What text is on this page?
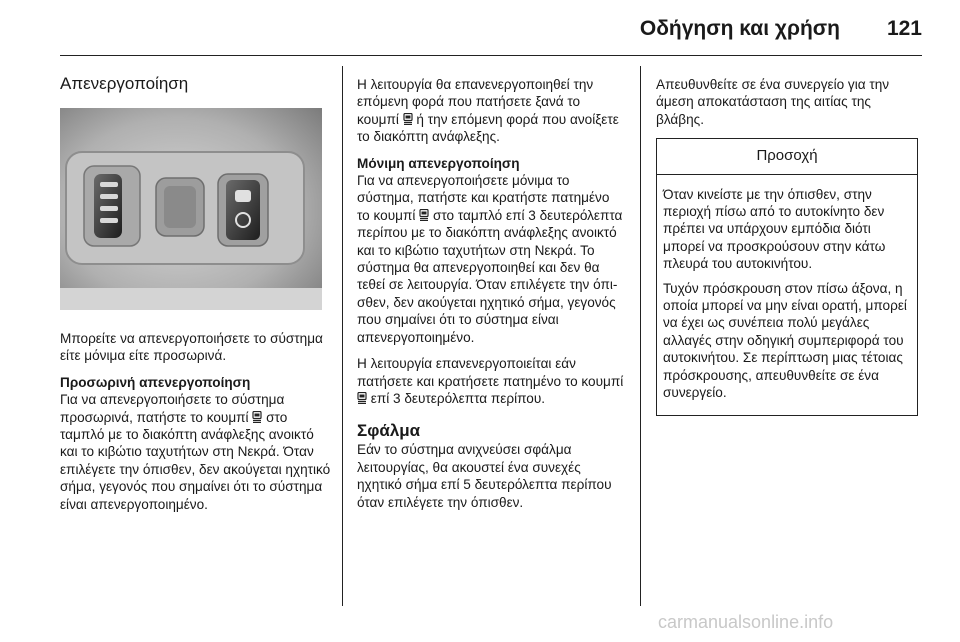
Οδήγηση και χρήση 121
Απενεργοποίηση

Μπορείτε να απενεργοποιήσετε το σύστημα είτε μόνιμα είτε προσωρινά.

Προσωρινή απενεργοποίηση

Για να απενεργοποιήσετε το σύστημα προσωρινά, πατήστε το κουμπί στο ταμπλό με το διακόπτη ανάφλεξης ανοικτό και το κιβώτιο ταχυτήτων στη Νεκρά. Όταν επιλέγετε την όπισθεν, δεν ακούγεται ηχητικό σήμα, γεγονός που σημαίνει ότι το σύστημα είναι απενεργοποιημένο.

Η λειτουργία θα επανενεργοποιηθεί την επόμενη φορά που πατήσετε ξανά το κουμπί ή την επόμενη φορά που ανοίξετε το διακόπτη ανάφλεξης.

Μόνιμη απενεργοποίηση

Για να απενεργοποιήσετε μόνιμα το σύστημα, πατήστε και κρατήστε πατημένο το κουμπί στο ταμπλό επί 3 δευτερόλεπτα περίπου με το διακόπτη ανάφλεξης ανοικτό και το κιβώτιο ταχυτήτων στη Νεκρά. Το σύστημα θα απενεργοποιηθεί και δεν θα τεθεί σε λειτουργία. Όταν επιλέγετε την όπισθεν, δεν ακούγεται ηχητικό σήμα, γεγονός που σημαίνει ότι το σύστημα είναι απενεργοποιημένο.

Η λειτουργία επανενεργοποιείται εάν πατήσετε και κρατήσετε πατημένο το κουμπί  επί 3 δευτερόλεπτα περίπου.

Σφάλμα

Εάν το σύστημα ανιχνεύσει σφάλμα λειτουργίας, θα ακουστεί ένα συνεχές ηχητικό σήμα επί 5 δευτερόλεπτα περίπου όταν επιλέγετε την όπισθεν.

Απευθυνθείτε σε ένα συνεργείο για την άμεση αποκατάσταση της αιτίας της βλάβης.

Προσοχή

Όταν κινείστε με την όπισθεν, στην περιοχή πίσω από το αυτοκίνητο δεν πρέπει να υπάρχουν εμπόδια διότι μπορεί να προσκρούσουν στην κάτω πλευρά του αυτοκινήτου.

Τυχόν πρόσκρουση στον πίσω άξονα, η οποία μπορεί να μην είναι ορατή, μπορεί να έχει ως συνέπεια πολύ μεγάλες αλλαγές στην οδηγική συμπεριφορά του αυτοκινήτου. Σε περίπτωση μιας τέτοιας πρόσκρουσης, απευθυνθείτε σε ένα συνεργείο.

carmanualsonline.info
